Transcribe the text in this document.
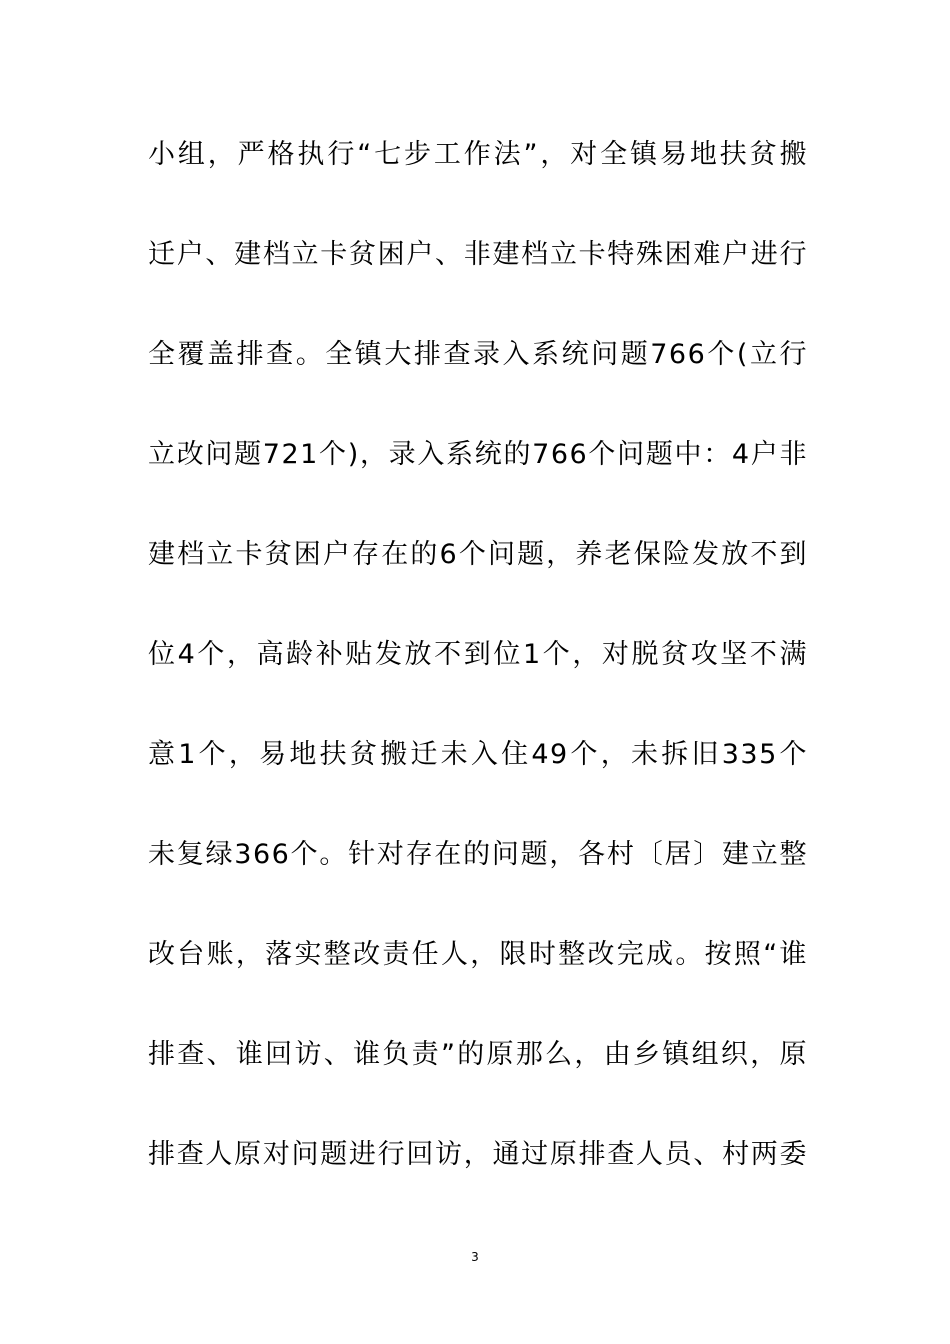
小组，严格执行“七步工作法”，对全镇易地扶贫搬
迁户、建档立卡贫困户、非建档立卡特殊困难户进行
全覆盖排查。全镇大排查录入系统问题766个(立行
立改问题721个)，录入系统的766个问题中：4户非
建档立卡贫困户存在的6个问题，养老保险发放不到
位4个，高龄补贴发放不到位1个，对脱贫攻坚不满
意1个，易地扶贫搬迁未入住49个，未拆旧335个
未复绿366个。针对存在的问题，各村〔居〕建立整
改台账，落实整改责任人，限时整改完成。按照“谁
排查、谁回访、谁负责”的原那么，由乡镇组织，原
排查人原对问题进行回访，通过原排查人员、村两委
3
